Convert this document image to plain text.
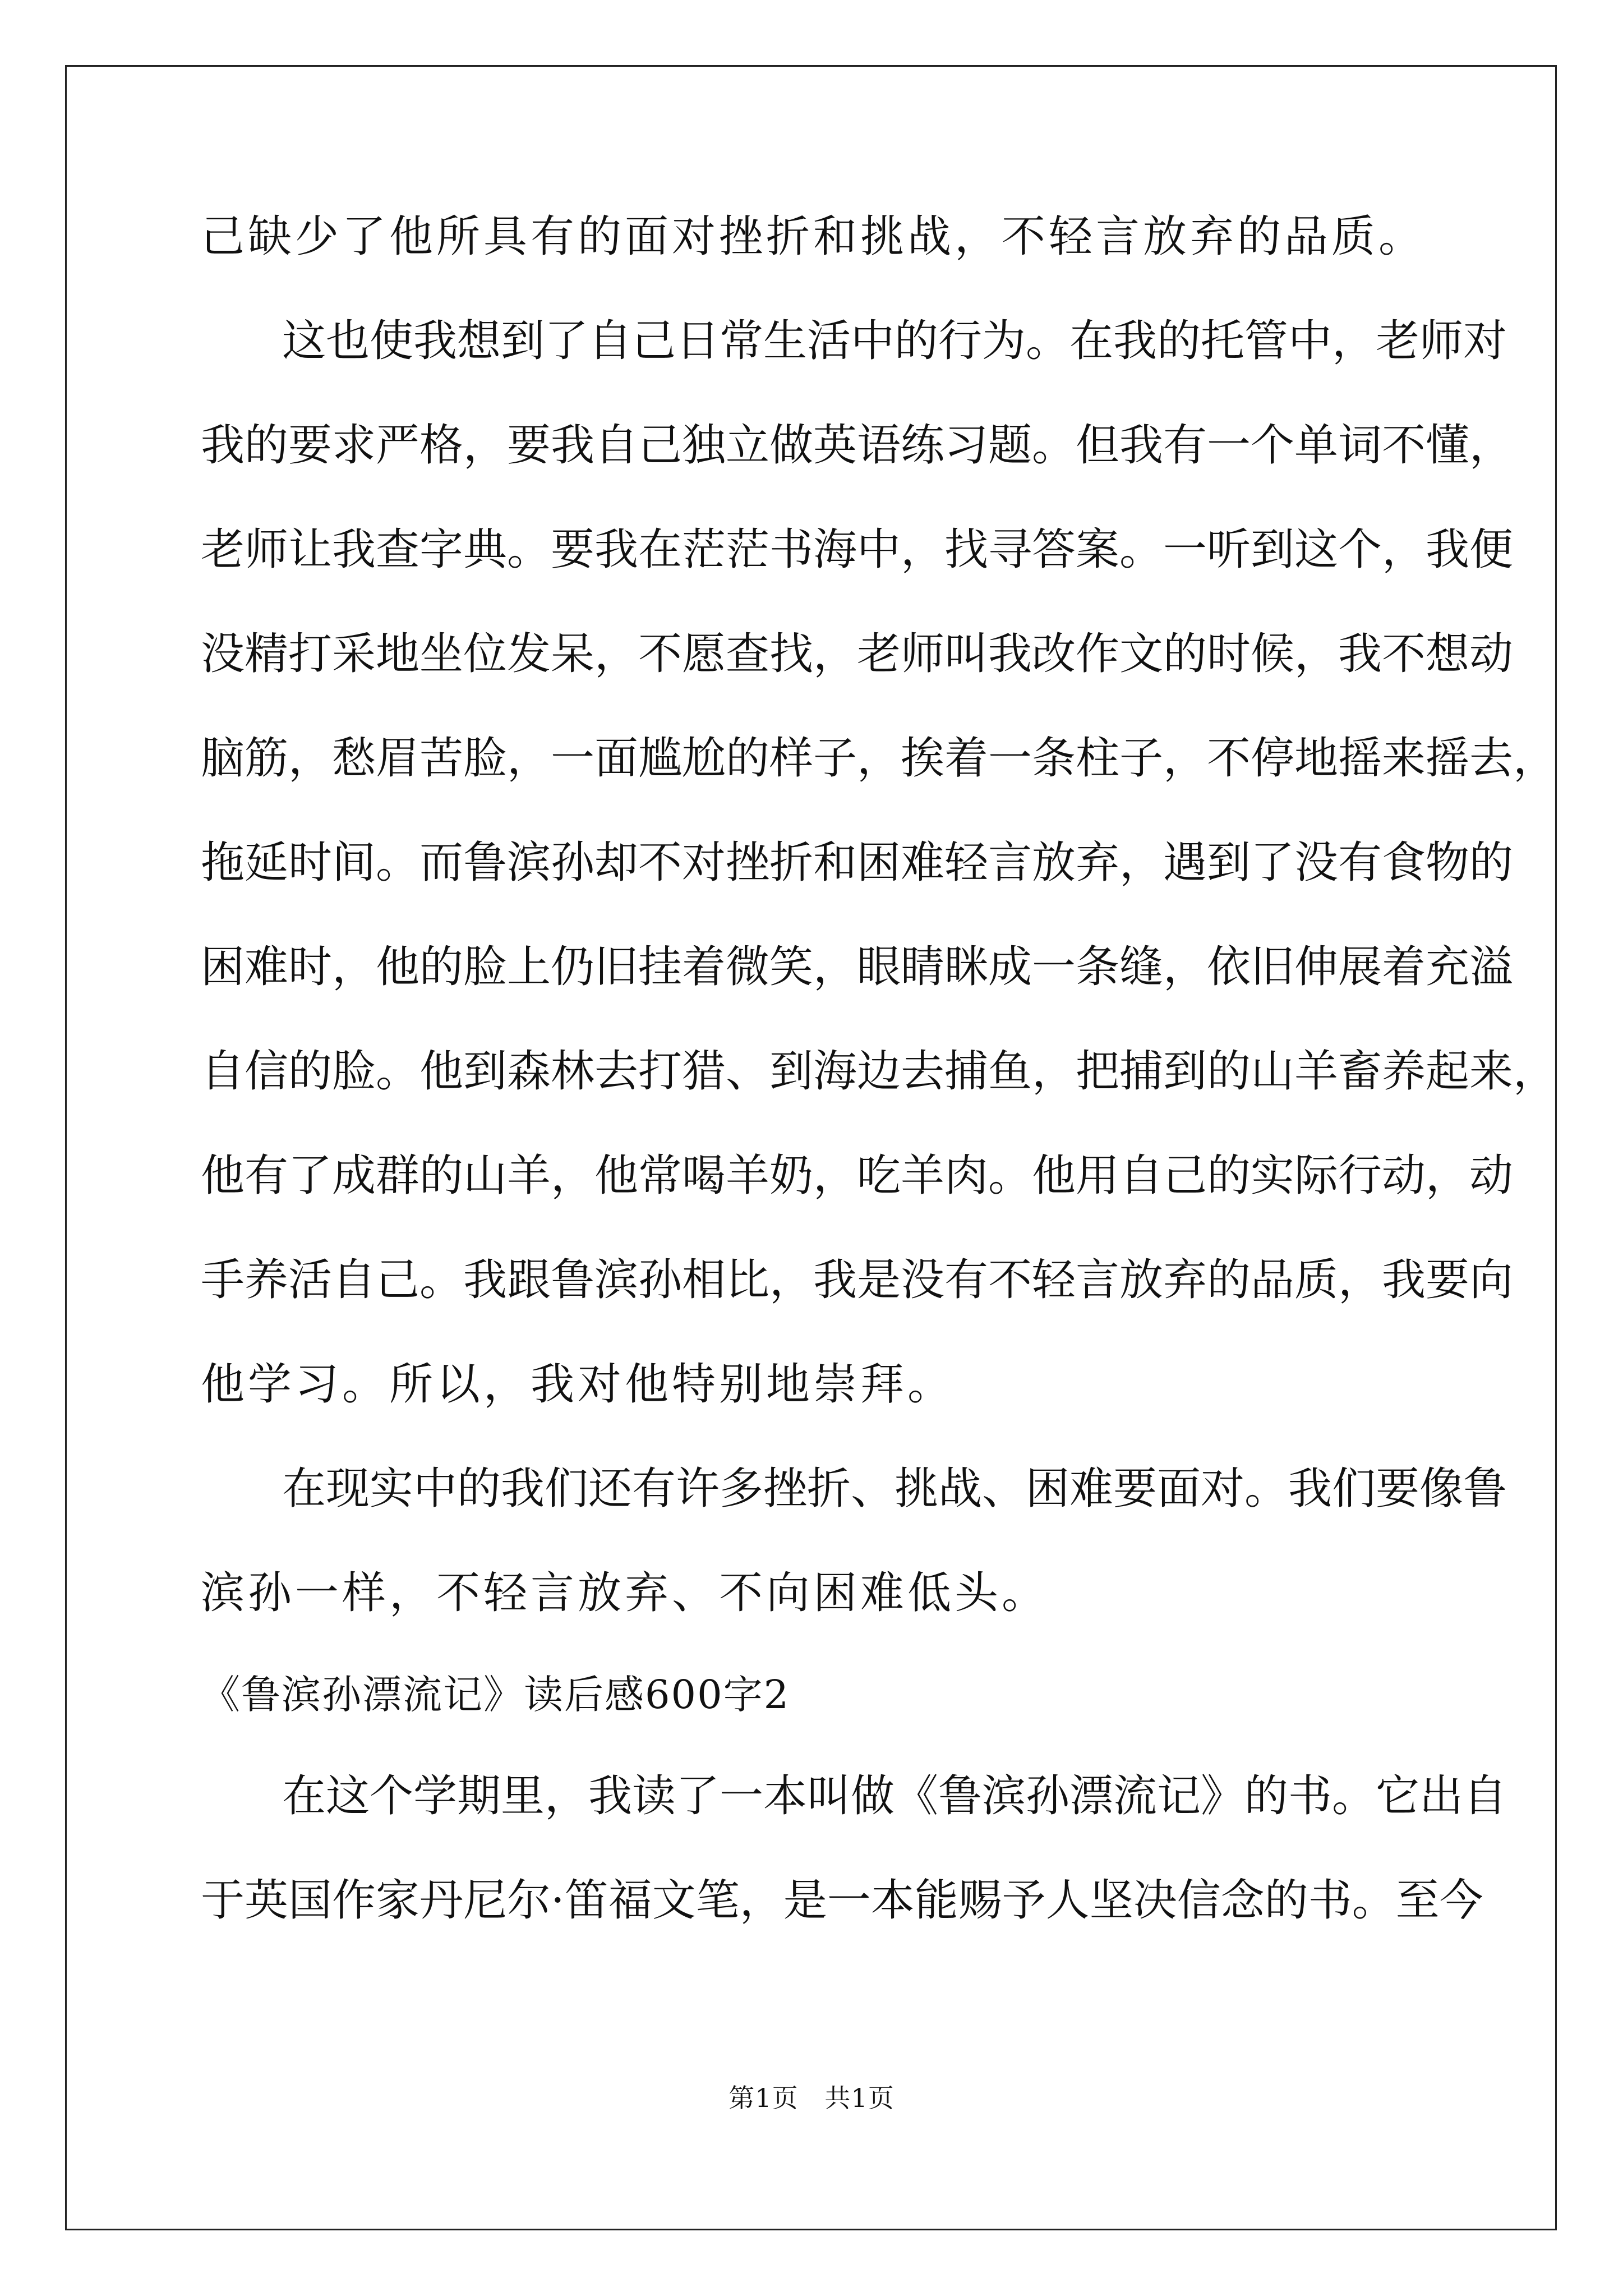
己缺少了他所具有的面对挫折和挑战，不轻言放弃的品质。
这也使我想到了自己日常生活中的行为。在我的托管中，老师对
我的要求严格，要我自己独立做英语练习题。但我有一个单词不懂，
老师让我查字典。要我在茫茫书海中，找寻答案。一听到这个，我便
没精打采地坐位发呆，不愿查找，老师叫我改作文的时候，我不想动
脑筋，愁眉苦脸，一面尴尬的样子，挨着一条柱子，不停地摇来摇去，
拖延时间。而鲁滨孙却不对挫折和困难轻言放弃，遇到了没有食物的
困难时，他的脸上仍旧挂着微笑，眼睛眯成一条缝，依旧伸展着充溢
自信的脸。他到森林去打猎、到海边去捕鱼，把捕到的山羊畜养起来，
他有了成群的山羊，他常喝羊奶，吃羊肉。他用自己的实际行动，动
手养活自己。我跟鲁滨孙相比，我是没有不轻言放弃的品质，我要向
他学习。所以，我对他特别地崇拜。
在现实中的我们还有许多挫折、挑战、困难要面对。我们要像鲁
滨孙一样，不轻言放弃、不向困难低头。
《鲁滨孙漂流记》读后感600字2
在这个学期里，我读了一本叫做《鲁滨孙漂流记》的书。它出自
于英国作家丹尼尔·笛福文笔，是一本能赐予人坚决信念的书。至今
第1页   共1页
